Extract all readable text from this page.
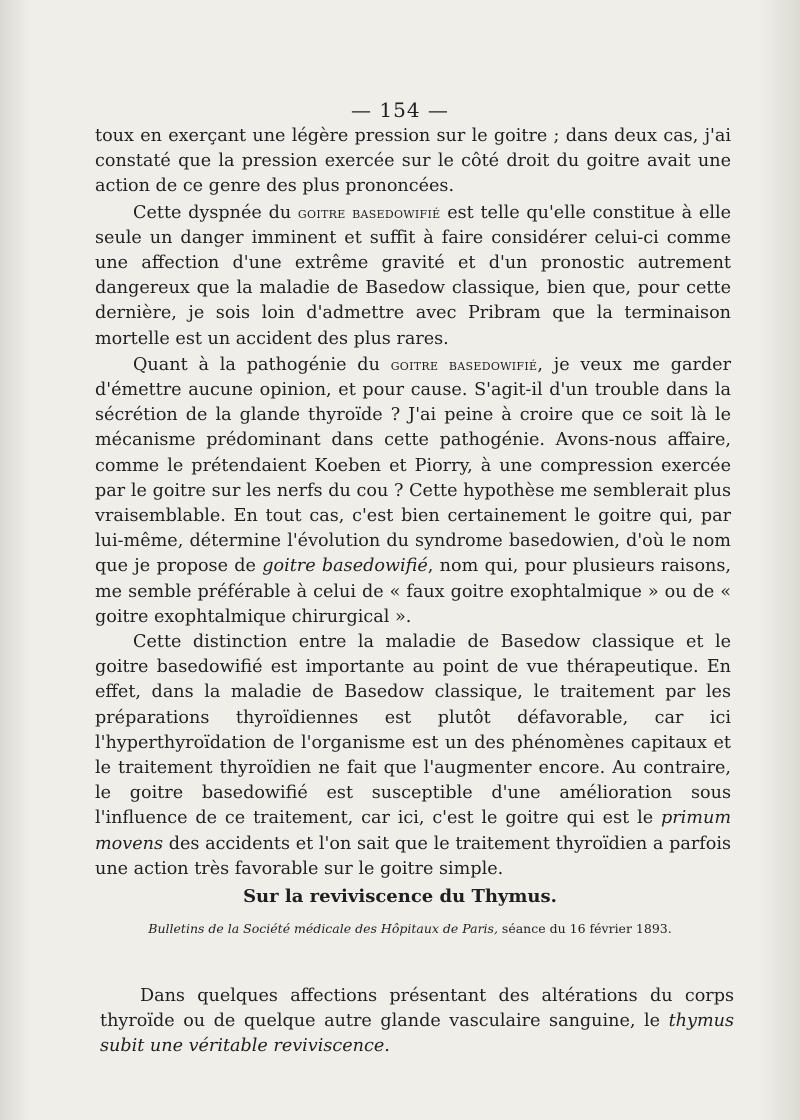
— 154 —

toux en exerçant une légère pression sur le goitre ; dans deux cas, j'ai constaté que la pression exercée sur le côté droit du goitre avait une action de ce genre des plus prononcées.

Cette dyspnée du goitre basedowifié est telle qu'elle constitue à elle seule un danger imminent et suffit à faire considérer celui-ci comme une affection d'une extrême gravité et d'un pronostic autrement dangereux que la maladie de Basedow classique, bien que, pour cette dernière, je sois loin d'admettre avec Pribram que la terminaison mortelle est un accident des plus rares.

Quant à la pathogénie du goitre basedowifié, je veux me garder d'émettre aucune opinion, et pour cause. S'agit-il d'un trouble dans la sécrétion de la glande thyroïde ? J'ai peine à croire que ce soit là le mécanisme prédominant dans cette pathogénie. Avons-nous affaire, comme le prétendaient Koeben et Piorry, à une compression exercée par le goitre sur les nerfs du cou ? Cette hypothèse me semblerait plus vraisemblable. En tout cas, c'est bien certainement le goitre qui, par lui-même, détermine l'évolution du syndrome basedowien, d'où le nom que je propose de goitre basedowifié, nom qui, pour plusieurs raisons, me semble préférable à celui de « faux goitre exophtalmique » ou de « goitre exophtalmique chirurgical ».

Cette distinction entre la maladie de Basedow classique et le goitre basedowifié est importante au point de vue thérapeutique. En effet, dans la maladie de Basedow classique, le traitement par les préparations thyroïdiennes est plutôt défavorable, car ici l'hyperthyroïdation de l'organisme est un des phénomènes capitaux et le traitement thyroïdien ne fait que l'augmenter encore. Au contraire, le goitre basedowifié est susceptible d'une amélioration sous l'influence de ce traitement, car ici, c'est le goitre qui est le primum movens des accidents et l'on sait que le traitement thyroïdien a parfois une action très favorable sur le goitre simple.

Sur la reviviscence du Thymus.
Bulletins de la Société médicale des Hôpitaux de Paris, séance du 16 février 1893.

Dans quelques affections présentant des altérations du corps thyroïde ou de quelque autre glande vasculaire sanguine, le thymus subit une véritable reviviscence.
